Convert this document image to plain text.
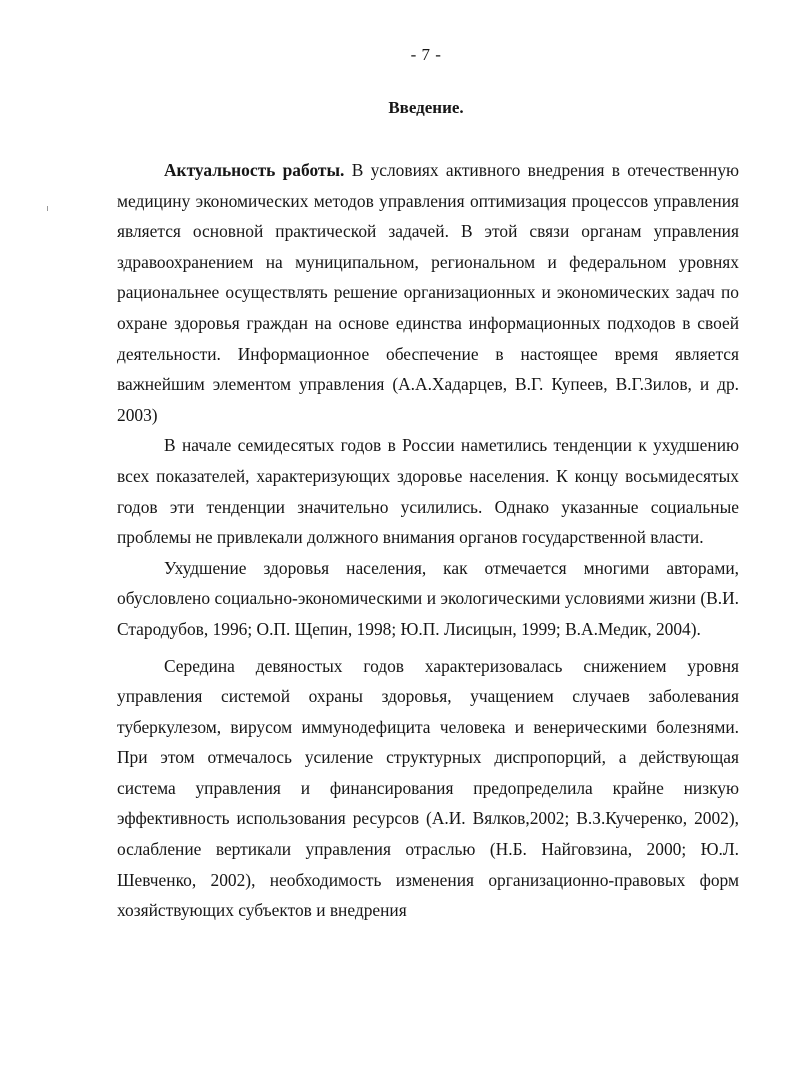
- 7 -
Введение.

Актуальность работы. В условиях активного внедрения в отечественную медицину экономических методов управления оптимизация процессов управления является основной практической задачей. В этой связи органам управления здравоохранением на муниципальном, региональном и федеральном уровнях рациональнее осуществлять решение организационных и экономических задач по охране здоровья граждан на основе единства информационных подходов в своей деятельности. Информационное обеспечение в настоящее время является важнейшим элементом управления (А.А.Хадарцев, В.Г. Купеев, В.Г.Зилов, и др. 2003)

В начале семидесятых годов в России наметились тенденции к ухудшению всех показателей, характеризующих здоровье населения. К концу восьмидесятых годов эти тенденции значительно усилились. Однако указанные социальные проблемы не привлекали должного внимания органов государственной власти.

Ухудшение здоровья населения, как отмечается многими авторами, обусловлено социально-экономическими и экологическими условиями жизни (В.И. Стародубов, 1996; О.П. Щепин, 1998; Ю.П. Лисицын, 1999; В.А.Медик, 2004).

Середина девяностых годов характеризовалась снижением уровня управления системой охраны здоровья, учащением случаев заболевания туберкулезом, вирусом иммунодефицита человека и венерическими болезнями. При этом отмечалось усиление структурных диспропорций, а действующая система управления и финансирования предопределила крайне низкую эффективность использования ресурсов (А.И. Вялков,2002; В.З.Кучеренко, 2002), ослабление вертикали управления отраслью (Н.Б. Найговзина, 2000; Ю.Л. Шевченко, 2002), необходимость изменения организационно-правовых форм хозяйствующих субъектов и внедрения
